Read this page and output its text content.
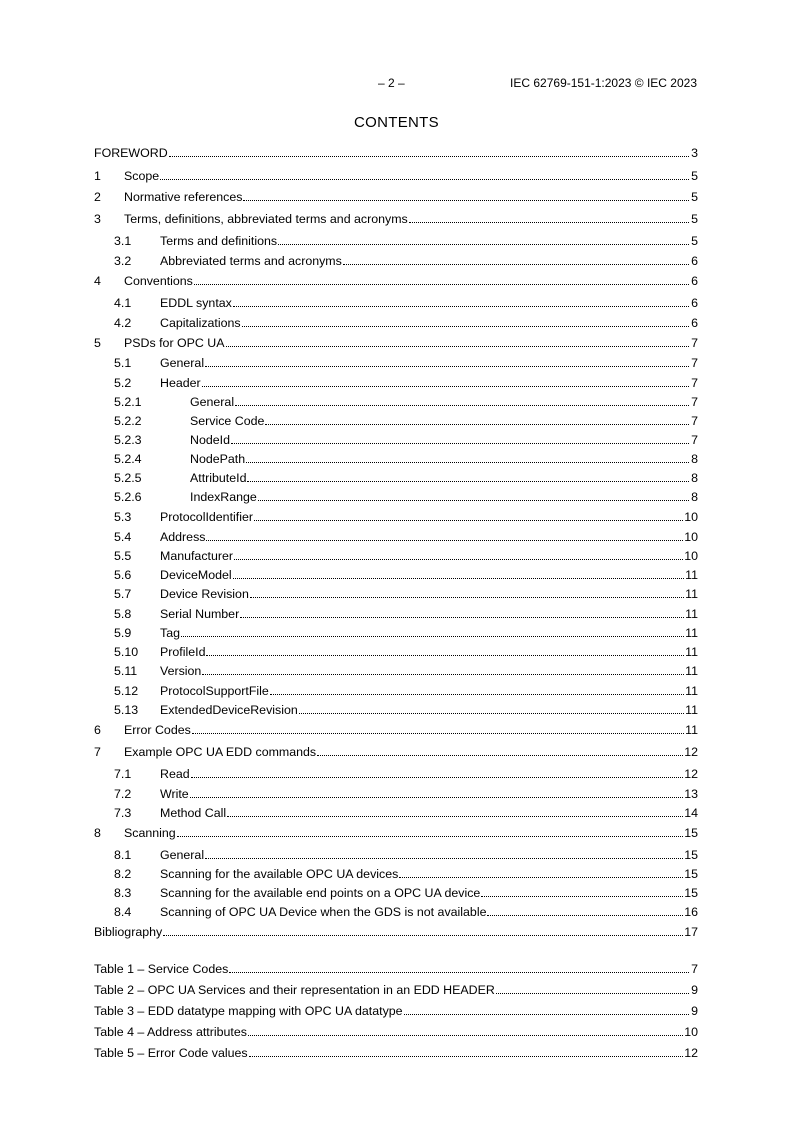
– 2 –	IEC 62769-151-1:2023 © IEC 2023
CONTENTS
FOREWORD	3
1	Scope	5
2	Normative references	5
3	Terms, definitions, abbreviated terms and acronyms	5
3.1	Terms and definitions	5
3.2	Abbreviated terms and acronyms	6
4	Conventions	6
4.1	EDDL syntax	6
4.2	Capitalizations	6
5	PSDs for OPC UA	7
5.1	General	7
5.2	Header	7
5.2.1	General	7
5.2.2	Service Code	7
5.2.3	NodeId	7
5.2.4	NodePath	8
5.2.5	AttributeId	8
5.2.6	IndexRange	8
5.3	ProtocolIdentifier	10
5.4	Address	10
5.5	Manufacturer	10
5.6	DeviceModel	11
5.7	Device Revision	11
5.8	Serial Number	11
5.9	Tag	11
5.10	ProfileId	11
5.11	Version	11
5.12	ProtocolSupportFile	11
5.13	ExtendedDeviceRevision	11
6	Error Codes	11
7	Example OPC UA EDD commands	12
7.1	Read	12
7.2	Write	13
7.3	Method Call	14
8	Scanning	15
8.1	General	15
8.2	Scanning for the available OPC UA devices	15
8.3	Scanning for the available end points on a OPC UA device	15
8.4	Scanning of OPC UA Device when the GDS is not available	16
Bibliography	17
Table 1 – Service Codes	7
Table 2 – OPC UA Services and their representation in an EDD HEADER	9
Table 3 – EDD datatype mapping with OPC UA datatype	9
Table 4 – Address attributes	10
Table 5 – Error Code values	12
